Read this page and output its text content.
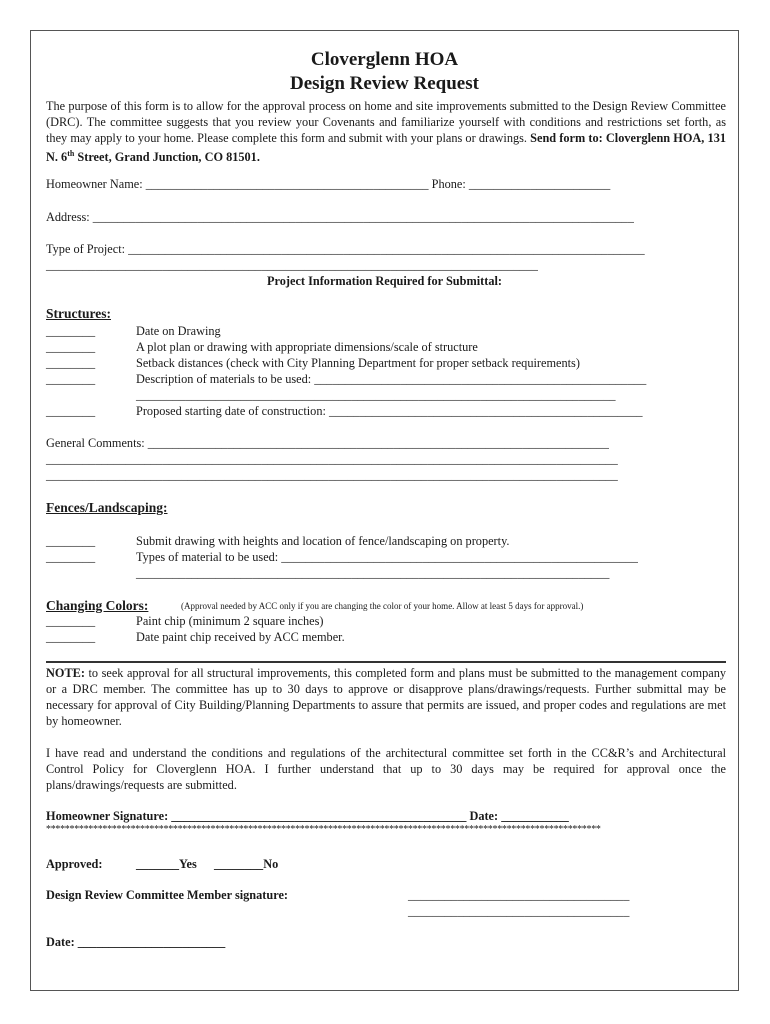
Cloverglenn HOA
Design Review Request
The purpose of this form is to allow for the approval process on home and site improvements submitted to the Design Review Committee (DRC). The committee suggests that you review your Covenants and familiarize yourself with conditions and restrictions set forth, as they may apply to your home. Please complete this form and submit with your plans or drawings. Send form to: Cloverglenn HOA, 131 N. 6th Street, Grand Junction, CO 81501.
Homeowner Name: ______________________________________________ Phone: _______________________
Address: ________________________________________________________________________________________
Type of Project: ____________________________________________________________________________________
________________________________________________________________________________
Project Information Required for Submittal:
Structures:
________	Date on Drawing
________	A plot plan or drawing with appropriate dimensions/scale of structure
________	Setback distances (check with City Planning Department for proper setback requirements)
________	Description of materials to be used: ______________________________________________________
______________________________________________________________________________
________	Proposed starting date of construction: ___________________________________________________
General Comments: ___________________________________________________________________________
_____________________________________________________________________________________________
_____________________________________________________________________________________________
Fences/Landscaping:
________	Submit drawing with heights and location of fence/landscaping on property.
________	Types of material to be used: __________________________________________________________
_____________________________________________________________________________
Changing Colors:	(Approval needed by ACC only if you are changing the color of your home. Allow at least 5 days for approval.)
________	Paint chip (minimum 2 square inches)
________	Date paint chip received by ACC member.
NOTE: to seek approval for all structural improvements, this completed form and plans must be submitted to the management company or a DRC member. The committee has up to 30 days to approve or disapprove plans/drawings/requests. Further submittal may be necessary for approval of City Building/Planning Departments to assure that permits are issued, and proper codes and regulations are met by homeowner.
I have read and understand the conditions and regulations of the architectural committee set forth in the CC&R’s and Architectural Control Policy for Cloverglenn HOA. I further understand that up to 30 days may be required for approval once the plans/drawings/requests are submitted.
Homeowner Signature: ________________________________________________ Date: ___________
**********************************************************************************************************************
Approved:	_______Yes ________No
Design Review Committee Member signature:	____________________________________
____________________________________
Date: ________________________
